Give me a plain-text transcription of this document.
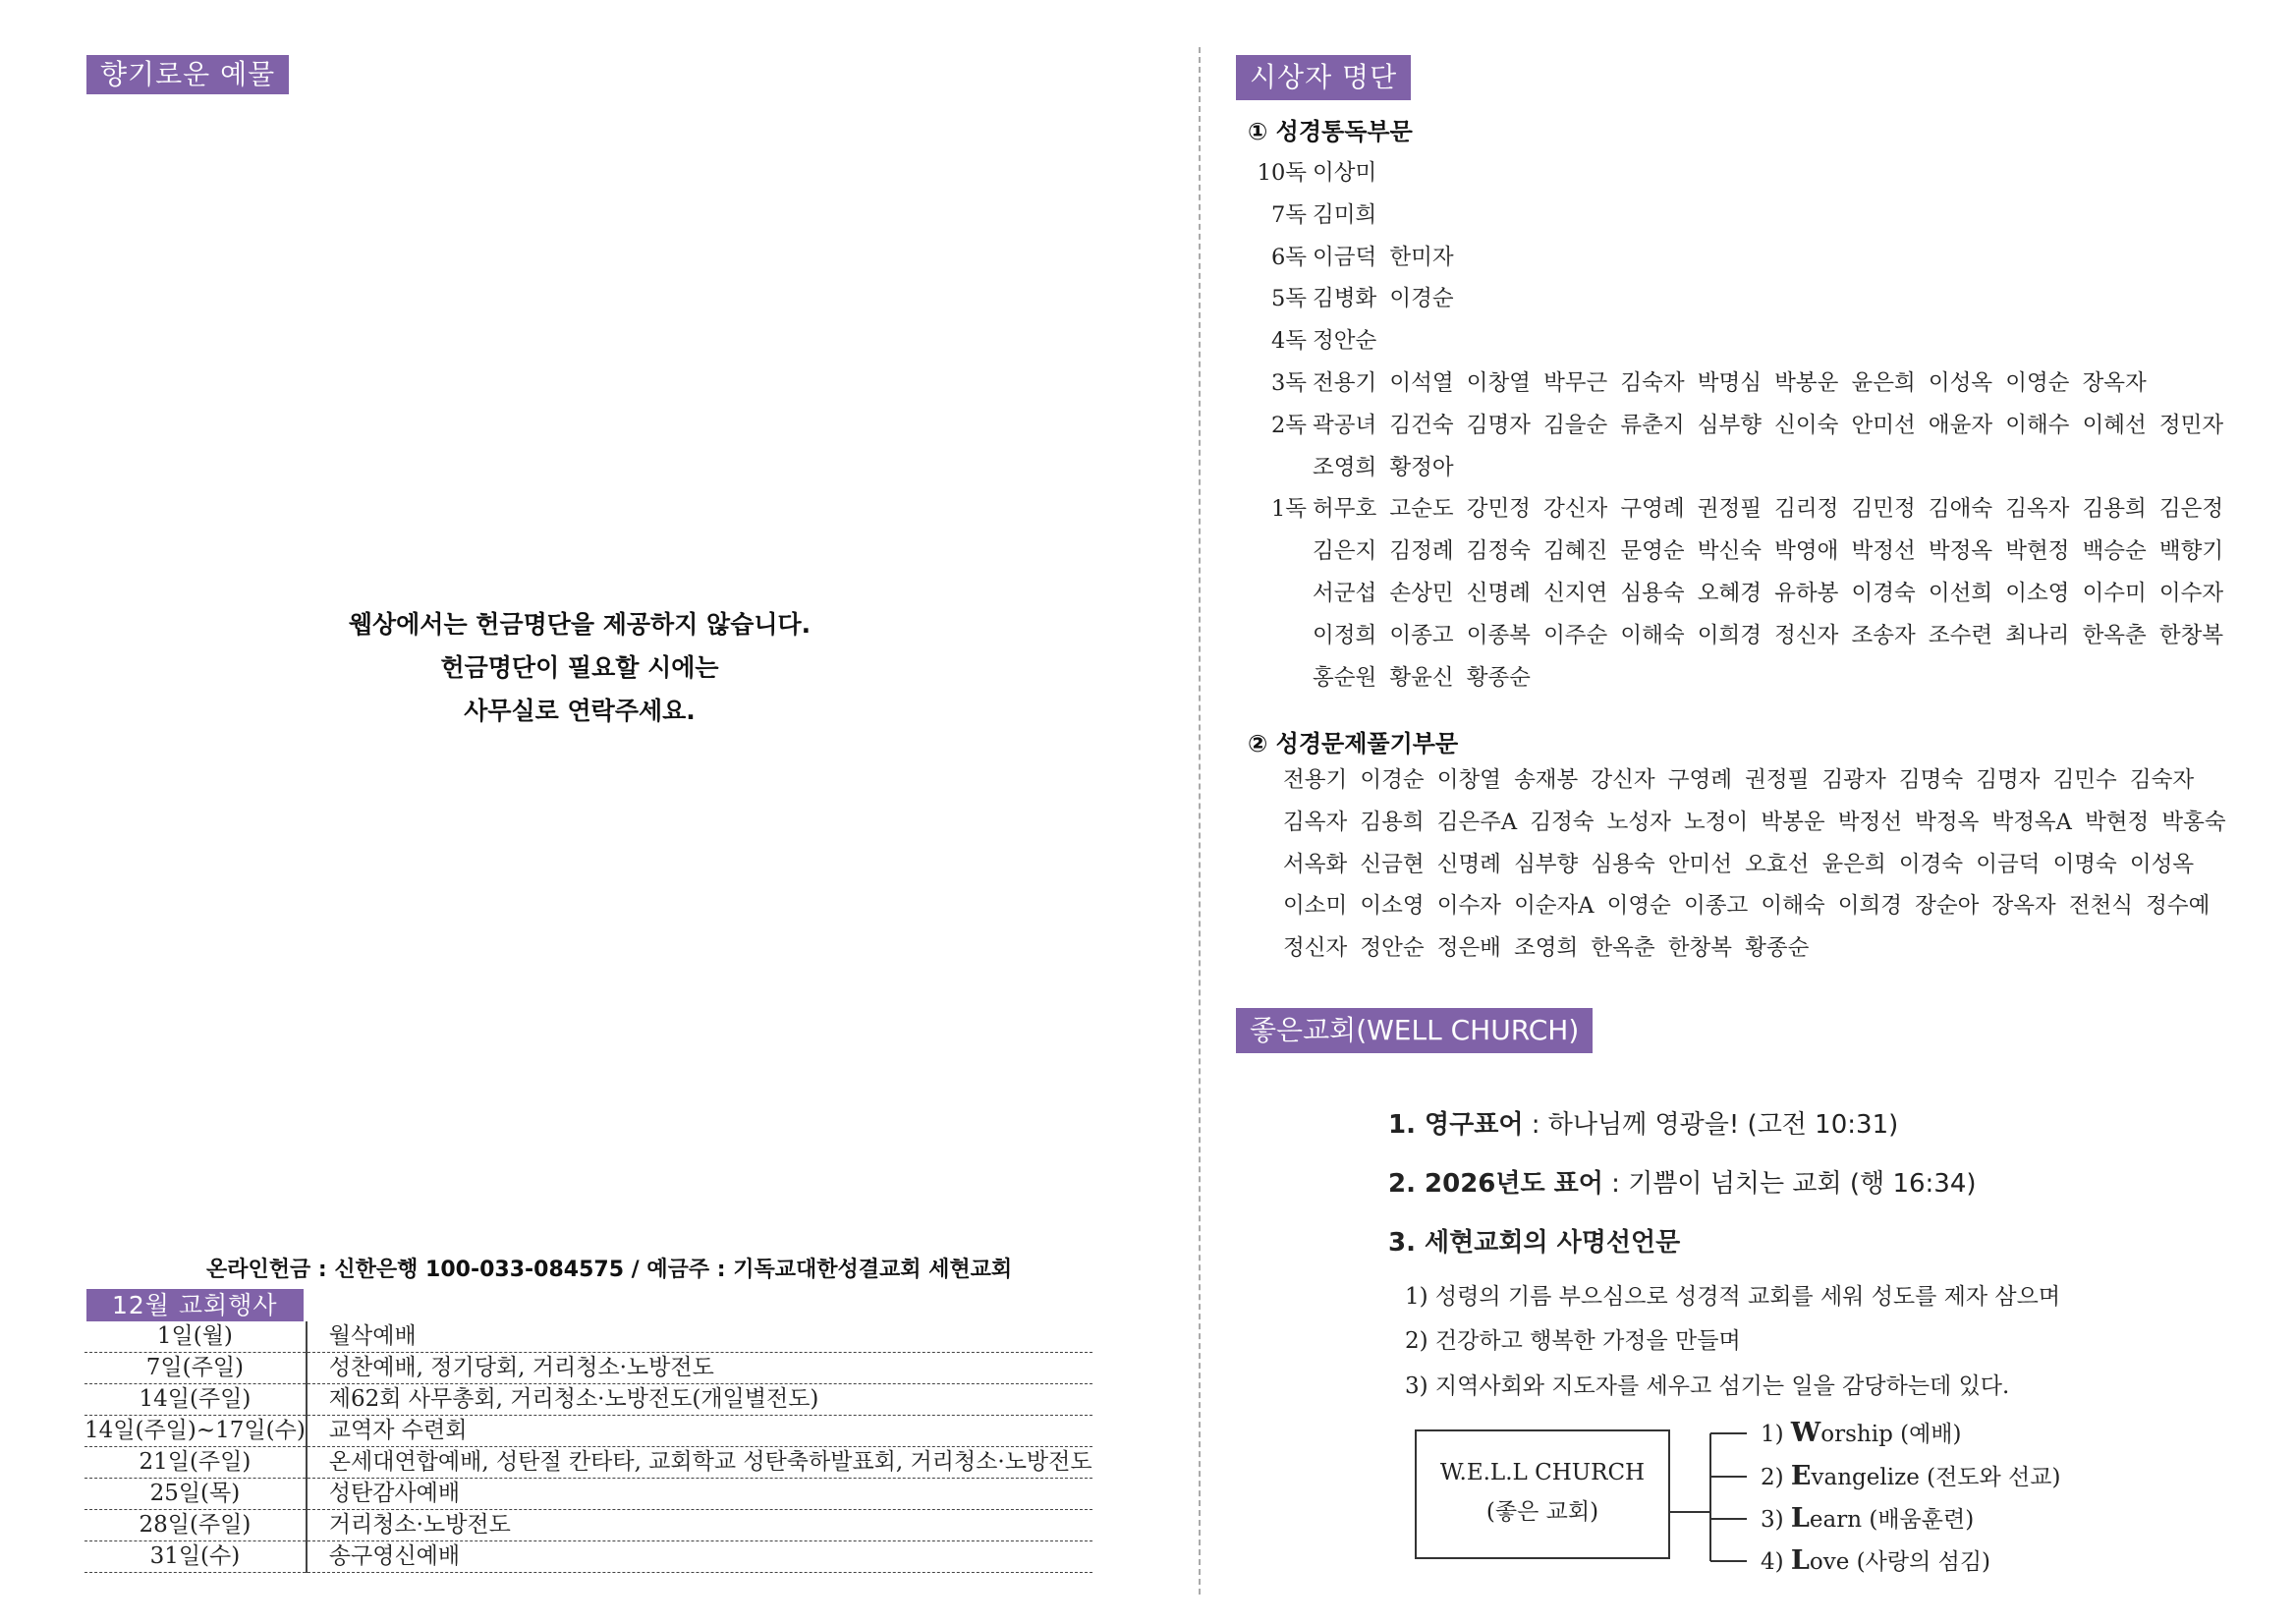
향기로운 예물
웹상에서는 헌금명단을 제공하지 않습니다.
헌금명단이 필요할 시에는
사무실로 연락주세요.
온라인헌금 : 신한은행 100-033-084575 / 예금주 : 기독교대한성결교회 세현교회
12월 교회행사
1일(월)	월삭예배
7일(주일)	성찬예배, 정기당회, 거리청소·노방전도
14일(주일)	제62회 사무총회, 거리청소·노방전도(개일별전도)
14일(주일)~17일(수)	교역자 수련회
21일(주일)	온세대연합예배, 성탄절 칸타타, 교회학교 성탄축하발표회, 거리청소·노방전도
25일(목)	성탄감사예배
28일(주일)	거리청소·노방전도
31일(수)	송구영신예배
시상자 명단
① 성경통독부문
10독 이상미
7독 김미희
6독 이금덕 한미자
5독 김병화 이경순
4독 정안순
3독 전용기 이석열 이창열 박무근 김숙자 박명심 박봉운 윤은희 이성옥 이영순 장옥자
2독 곽공녀 김건숙 김명자 김을순 류춘지 심부향 신이숙 안미선 애윤자 이해수 이혜선 정민자
조영희 황정아
1독 허무호 고순도 강민정 강신자 구영례 권정필 김리정 김민정 김애숙 김옥자 김용희 김은정
김은지 김정례 김정숙 김혜진 문영순 박신숙 박영애 박정선 박정옥 박현정 백승순 백향기
서군섭 손상민 신명례 신지연 심용숙 오혜경 유하봉 이경숙 이선희 이소영 이수미 이수자
이정희 이종고 이종복 이주순 이해숙 이희경 정신자 조송자 조수련 최나리 한옥춘 한창복
홍순원 황윤신 황종순
② 성경문제풀기부문
전용기 이경순 이창열 송재봉 강신자 구영례 권정필 김광자 김명숙 김명자 김민수 김숙자
김옥자 김용희 김은주A 김정숙 노성자 노정이 박봉운 박정선 박정옥 박정옥A 박현정 박홍숙
서옥화 신금현 신명례 심부향 심용숙 안미선 오효선 윤은희 이경숙 이금덕 이명숙 이성옥
이소미 이소영 이수자 이순자A 이영순 이종고 이해숙 이희경 장순아 장옥자 전천식 정수예
정신자 정안순 정은배 조영희 한옥춘 한창복 황종순
좋은교회(WELL CHURCH)
1. 영구표어 : 하나님께 영광을! (고전 10:31)
2. 2026년도 표어 : 기쁨이 넘치는 교회 (행 16:34)
3. 세현교회의 사명선언문
1) 성령의 기름 부으심으로 성경적 교회를 세워 성도를 제자 삼으며
2) 건강하고 행복한 가정을 만들며
3) 지역사회와 지도자를 세우고 섬기는 일을 감당하는데 있다.
W.E.L.L CHURCH
(좋은 교회)
1) Worship (예배)
2) Evangelize (전도와 선교)
3) Learn (배움훈련)
4) Love (사랑의 섬김)
